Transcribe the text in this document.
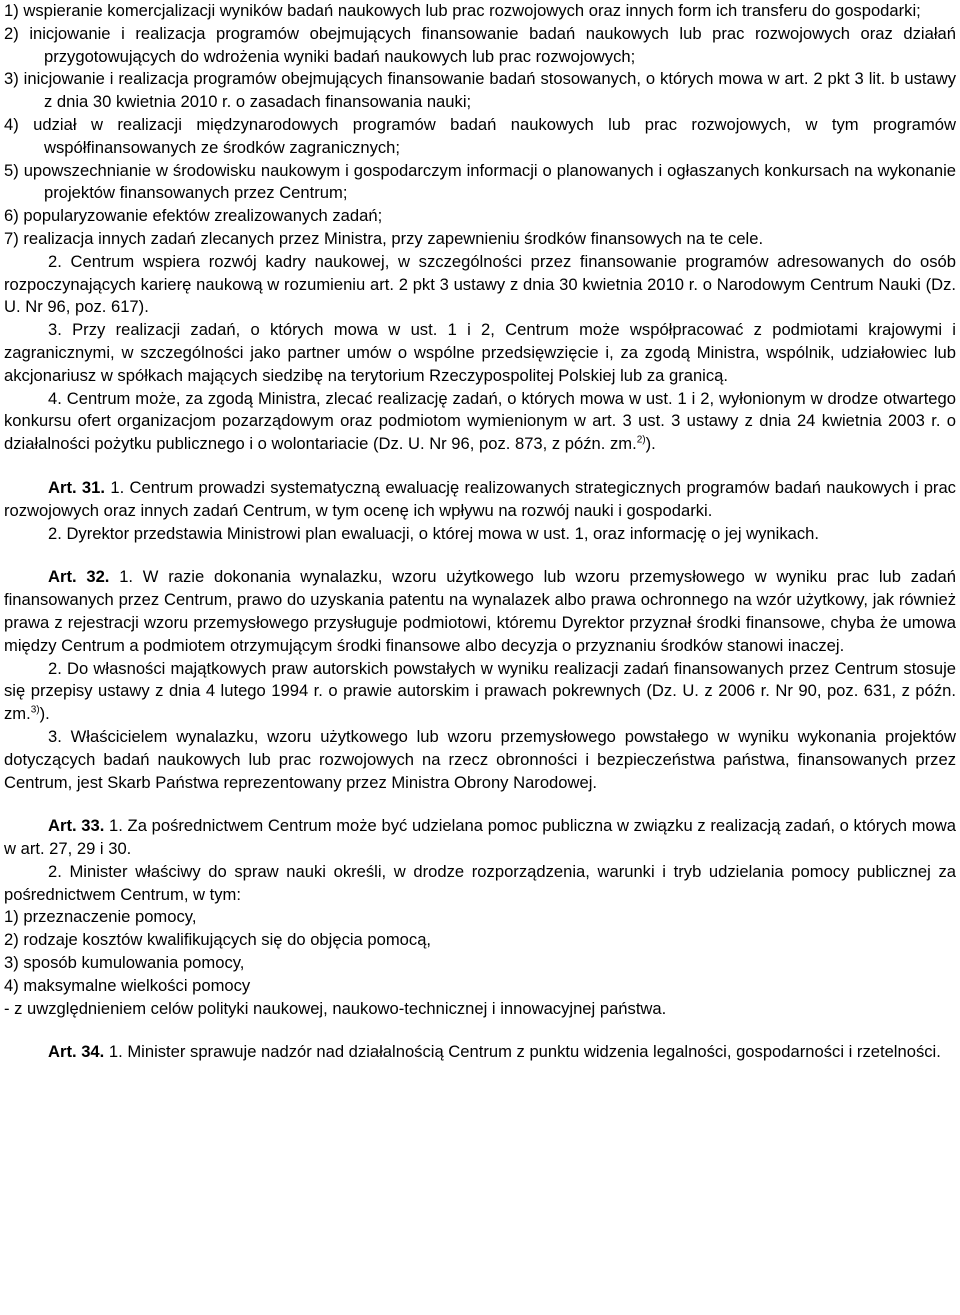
1) wspieranie komercjalizacji wyników badań naukowych lub prac rozwojowych oraz innych form ich transferu do gospodarki;

2) inicjowanie i realizacja programów obejmujących finansowanie badań naukowych lub prac rozwojowych oraz działań przygotowujących do wdrożenia wyniki badań naukowych lub prac rozwojowych;

3) inicjowanie i realizacja programów obejmujących finansowanie badań stosowanych, o których mowa w art. 2 pkt 3 lit. b ustawy z dnia 30 kwietnia 2010 r. o zasadach finansowania nauki;

4) udział w realizacji międzynarodowych programów badań naukowych lub prac rozwojowych, w tym programów współfinansowanych ze środków zagranicznych;

5) upowszechnianie w środowisku naukowym i gospodarczym informacji o planowanych i ogłaszanych konkursach na wykonanie projektów finansowanych przez Centrum;

6) popularyzowanie efektów zrealizowanych zadań;

7) realizacja innych zadań zlecanych przez Ministra, przy zapewnieniu środków finansowych na te cele.

2. Centrum wspiera rozwój kadry naukowej, w szczególności przez finansowanie programów adresowanych do osób rozpoczynających karierę naukową w rozumieniu art. 2 pkt 3 ustawy z dnia 30 kwietnia 2010 r. o Narodowym Centrum Nauki (Dz. U. Nr 96, poz. 617).

3. Przy realizacji zadań, o których mowa w ust. 1 i 2, Centrum może współpracować z podmiotami krajowymi i zagranicznymi, w szczególności jako partner umów o wspólne przedsięwzięcie i, za zgodą Ministra, wspólnik, udziałowiec lub akcjonariusz w spółkach mających siedzibę na terytorium Rzeczypospolitej Polskiej lub za granicą.

4. Centrum może, za zgodą Ministra, zlecać realizację zadań, o których mowa w ust. 1 i 2, wyłonionym w drodze otwartego konkursu ofert organizacjom pozarządowym oraz podmiotom wymienionym w art. 3 ust. 3 ustawy z dnia 24 kwietnia 2003 r. o działalności pożytku publicznego i o wolontariacie (Dz. U. Nr 96, poz. 873, z późn. zm.$^{2)}$).

Art. 31. 1. Centrum prowadzi systematyczną ewaluację realizowanych strategicznych programów badań naukowych i prac rozwojowych oraz innych zadań Centrum, w tym ocenę ich wpływu na rozwój nauki i gospodarki.

2. Dyrektor przedstawia Ministrowi plan ewaluacji, o której mowa w ust. 1, oraz informację o jej wynikach.

Art. 32. 1. W razie dokonania wynalazku, wzoru użytkowego lub wzoru przemysłowego w wyniku prac lub zadań finansowanych przez Centrum, prawo do uzyskania patentu na wynalazek albo prawa ochronnego na wzór użytkowy, jak również prawa z rejestracji wzoru przemysłowego przysługuje podmiotowi, któremu Dyrektor przyznał środki finansowe, chyba że umowa między Centrum a podmiotem otrzymującym środki finansowe albo decyzja o przyznaniu środków stanowi inaczej.

2. Do własności majątkowych praw autorskich powstałych w wyniku realizacji zadań finansowanych przez Centrum stosuje się przepisy ustawy z dnia 4 lutego 1994 r. o prawie autorskim i prawach pokrewnych (Dz. U. z 2006 r. Nr 90, poz. 631, z późn. zm.$^{3)}$).

3. Właścicielem wynalazku, wzoru użytkowego lub wzoru przemysłowego powstałego w wyniku wykonania projektów dotyczących badań naukowych lub prac rozwojowych na rzecz obronności i bezpieczeństwa państwa, finansowanych przez Centrum, jest Skarb Państwa reprezentowany przez Ministra Obrony Narodowej.

Art. 33. 1. Za pośrednictwem Centrum może być udzielana pomoc publiczna w związku z realizacją zadań, o których mowa w art. 27, 29 i 30.

2. Minister właściwy do spraw nauki określi, w drodze rozporządzenia, warunki i tryb udzielania pomocy publicznej za pośrednictwem Centrum, w tym:

1) przeznaczenie pomocy,

2) rodzaje kosztów kwalifikujących się do objęcia pomocą,

3) sposób kumulowania pomocy,

4) maksymalne wielkości pomocy

- z uwzględnieniem celów polityki naukowej, naukowo-technicznej i innowacyjnej państwa.

Art. 34. 1. Minister sprawuje nadzór nad działalnością Centrum z punktu widzenia legalności, gospodarności i rzetelności.
